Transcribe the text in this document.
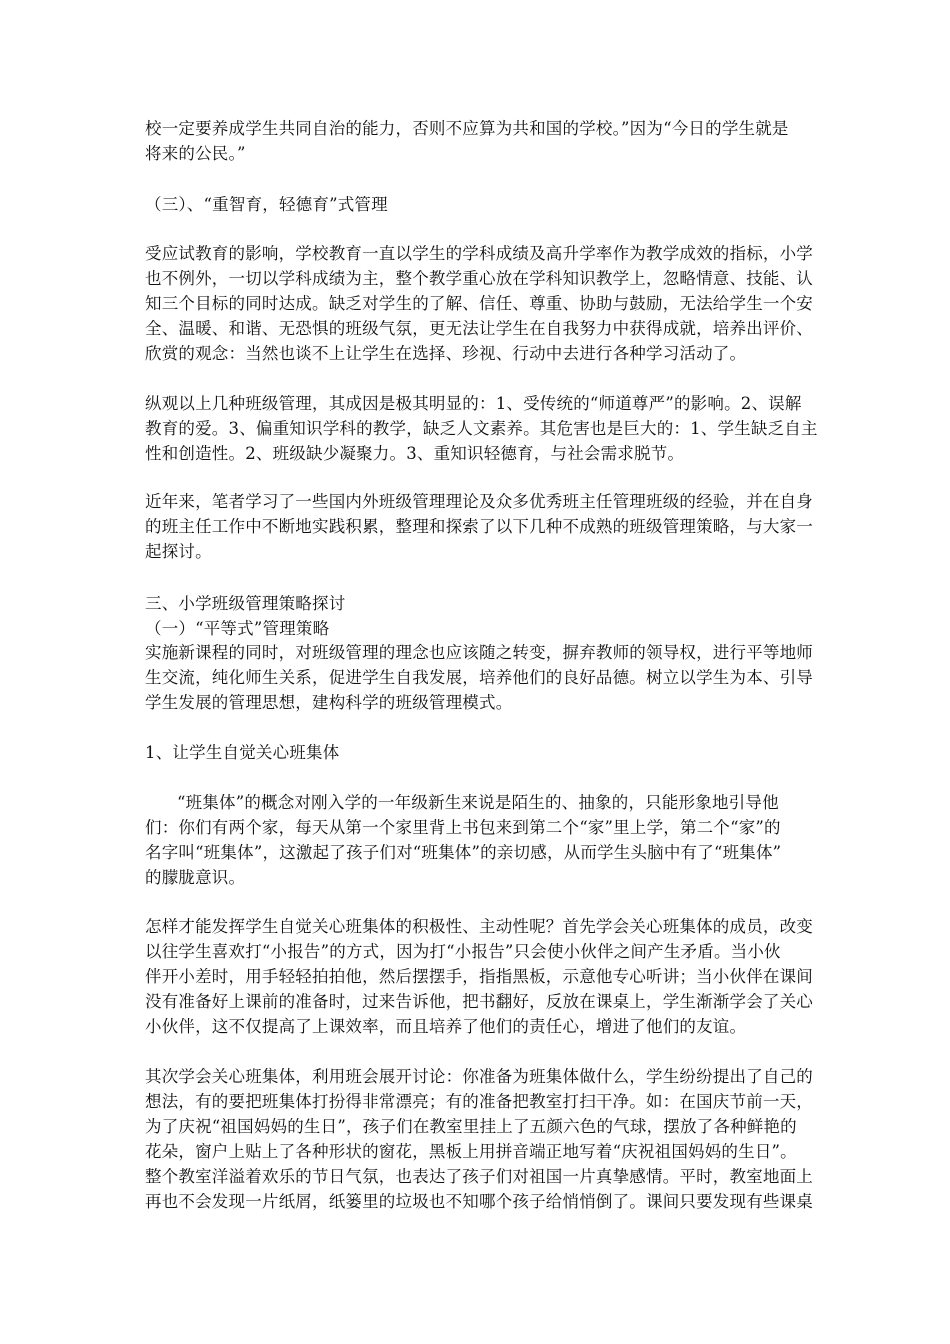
校一定要养成学生共同自治的能力，否则不应算为共和国的学校。”因为“今日的学生就是
将来的公民。”
（三）、“重智育，轻德育”式管理
受应试教育的影响，学校教育一直以学生的学科成绩及高升学率作为教学成效的指标，小学
也不例外，一切以学科成绩为主，整个教学重心放在学科知识教学上，忽略情意、技能、认
知三个目标的同时达成。缺乏对学生的了解、信任、尊重、协助与鼓励，无法给学生一个安
全、温暖、和谐、无恐惧的班级气氛，更无法让学生在自我努力中获得成就，培养出评价、
欣赏的观念：当然也谈不上让学生在选择、珍视、行动中去进行各种学习活动了。
纵观以上几种班级管理，其成因是极其明显的：1、受传统的“师道尊严”的影响。2、误解
教育的爱。3、偏重知识学科的教学，缺乏人文素养。其危害也是巨大的：1、学生缺乏自主
性和创造性。2、班级缺少凝聚力。3、重知识轻德育，与社会需求脱节。
近年来，笔者学习了一些国内外班级管理理论及众多优秀班主任管理班级的经验，并在自身
的班主任工作中不断地实践积累，整理和探索了以下几种不成熟的班级管理策略，与大家一
起探讨。
三、小学班级管理策略探讨
（一）“平等式”管理策略
实施新课程的同时，对班级管理的理念也应该随之转变，摒弃教师的领导权，进行平等地师
生交流，纯化师生关系，促进学生自我发展，培养他们的良好品德。树立以学生为本、引导
学生发展的管理思想，建构科学的班级管理模式。
1、让学生自觉关心班集体
“班集体”的概念对刚入学的一年级新生来说是陌生的、抽象的，只能形象地引导他
们：你们有两个家，每天从第一个家里背上书包来到第二个“家”里上学，第二个“家”的
名字叫“班集体”，这激起了孩子们对“班集体”的亲切感，从而学生头脑中有了“班集体”
的朦胧意识。
怎样才能发挥学生自觉关心班集体的积极性、主动性呢？首先学会关心班集体的成员，改变
以往学生喜欢打“小报告”的方式，因为打“小报告”只会使小伙伴之间产生矛盾。当小伙
伴开小差时，用手轻轻拍拍他，然后摆摆手，指指黑板，示意他专心听讲；当小伙伴在课间
没有准备好上课前的准备时，过来告诉他，把书翻好，反放在课桌上，学生渐渐学会了关心
小伙伴，这不仅提高了上课效率，而且培养了他们的责任心，增进了他们的友谊。
其次学会关心班集体，利用班会展开讨论：你准备为班集体做什么，学生纷纷提出了自己的
想法，有的要把班集体打扮得非常漂亮；有的准备把教室打扫干净。如：在国庆节前一天，
为了庆祝“祖国妈妈的生日”，孩子们在教室里挂上了五颜六色的气球，摆放了各种鲜艳的
花朵，窗户上贴上了各种形状的窗花，黑板上用拼音端正地写着“庆祝祖国妈妈的生日”。
整个教室洋溢着欢乐的节日气氛，也表达了孩子们对祖国一片真挚感情。平时，教室地面上
再也不会发现一片纸屑，纸篓里的垃圾也不知哪个孩子给悄悄倒了。课间只要发现有些课桌
